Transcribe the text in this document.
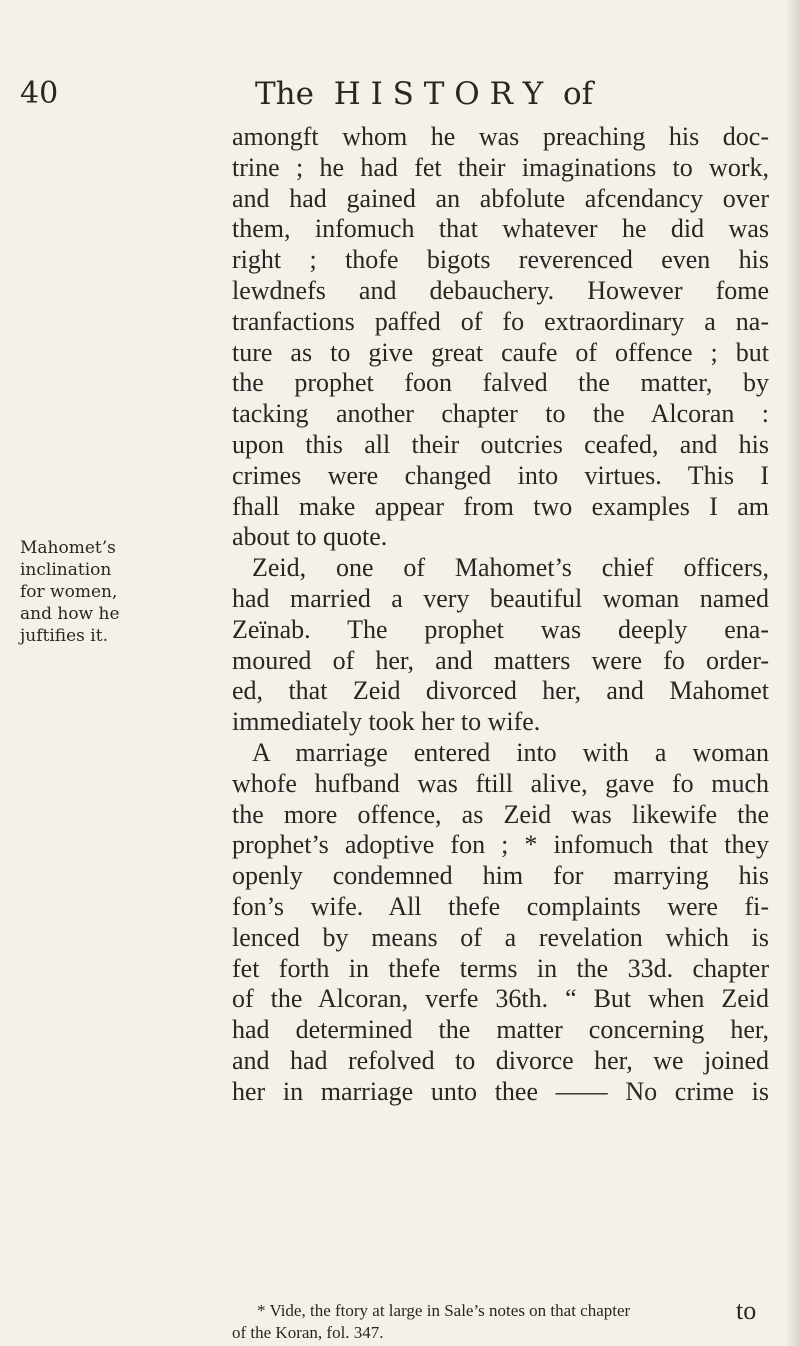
40	The  H I S T O R Y  of
Mahomet’s
inclination
for women,
and how he
juftifies it.
amongft whom he was preaching his doc-
trine ; he had fet their imaginations to work,
and had gained an abfolute afcendancy over
them, infomuch that whatever he did was
right ; thofe bigots reverenced even his
lewdnefs and debauchery. However fome
tranfactions paffed of fo extraordinary a na-
ture as to give great caufe of offence ; but
the prophet foon falved the matter, by
tacking another chapter to the Alcoran :
upon this all their outcries ceafed, and his
crimes were changed into virtues. This I
fhall make appear from two examples I am
about to quote.
Zeid, one of Mahomet’s chief officers,
had married a very beautiful woman named
Zeïnab. The prophet was deeply ena-
moured of her, and matters were fo order-
ed, that Zeid divorced her, and Mahomet
immediately took her to wife.
A marriage entered into with a woman
whofe hufband was ftill alive, gave fo much
the more offence, as Zeid was likewife the
prophet’s adoptive fon ; * infomuch that they
openly condemned him for marrying his
fon’s wife. All thefe complaints were fi-
lenced by means of a revelation which is
fet forth in thefe terms in the 33d. chapter
of the Alcoran, verfe 36th. “ But when Zeid
had determined the matter concerning her,
and had refolved to divorce her, we joined
her in marriage unto thee —— No crime is
* Vide, the ftory at large in Sale’s notes on that chapter
of the Koran, fol. 347.
to
